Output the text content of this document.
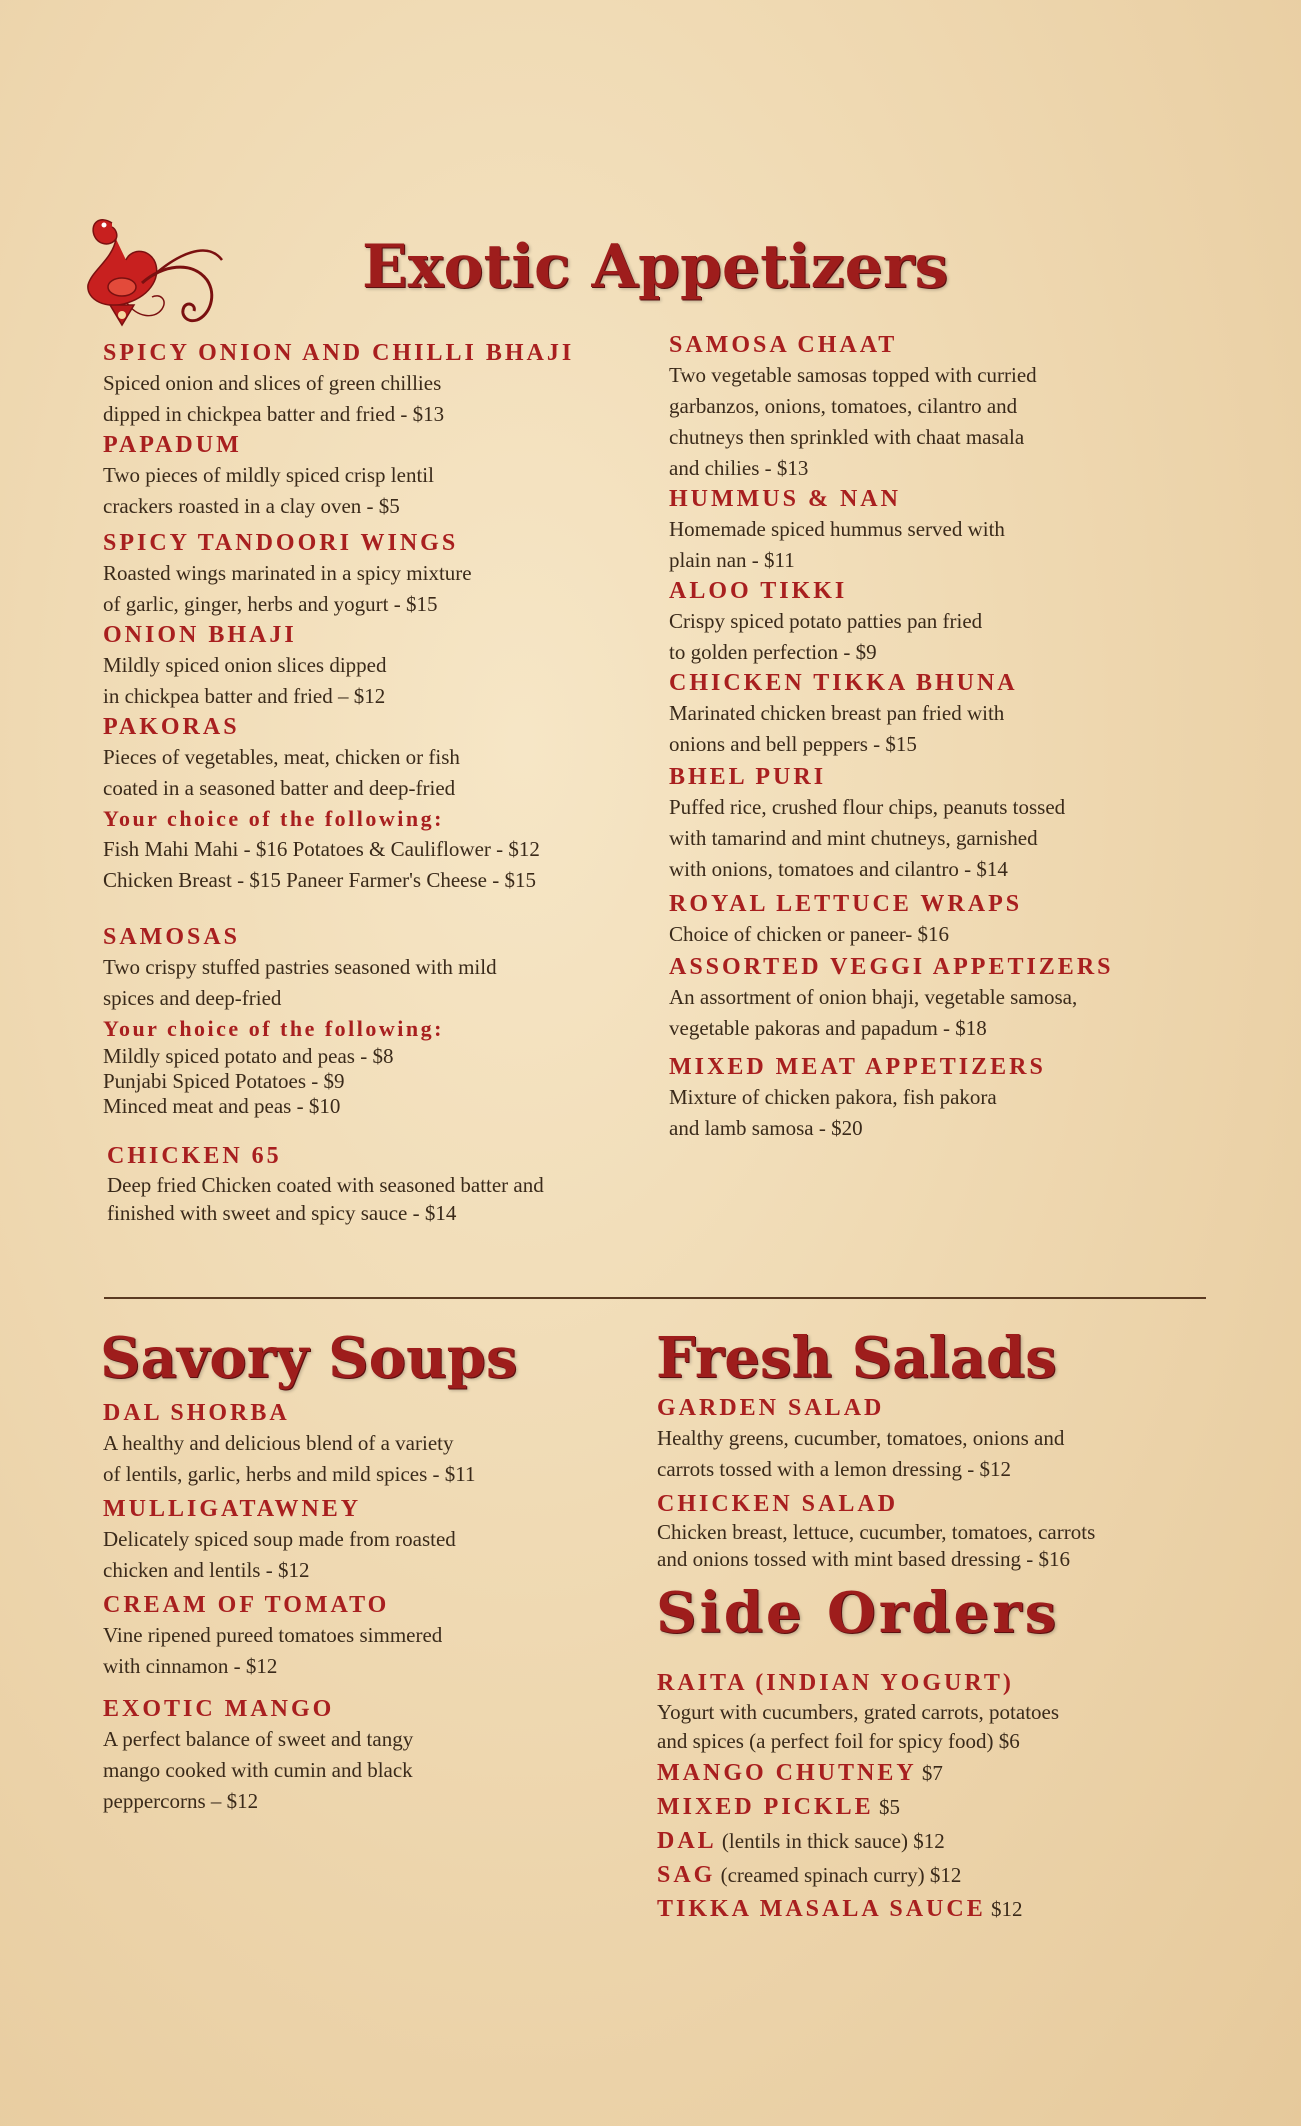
Exotic Appetizers
SPICY ONION AND CHILLI BHAJI
Spiced onion and slices of green chillies
dipped in chickpea batter and fried - $13
PAPADUM
Two pieces of mildly spiced crisp lentil
crackers roasted in a clay oven - $5
SPICY TANDOORI WINGS
Roasted wings marinated in a spicy mixture
of garlic, ginger, herbs and yogurt - $15
ONION BHAJI
Mildly spiced onion slices dipped
in chickpea batter and fried – $12
PAKORAS
Pieces of vegetables, meat, chicken or fish
coated in a seasoned batter and deep-fried
Your choice of the following:
Fish Mahi Mahi - $16 Potatoes & Cauliflower - $12
Chicken Breast - $15 Paneer Farmer's Cheese - $15
SAMOSAS
Two crispy stuffed pastries seasoned with mild
spices and deep-fried
Your choice of the following:
Mildly spiced potato and peas - $8
Punjabi Spiced Potatoes - $9
Minced meat and peas - $10
CHICKEN 65
Deep fried Chicken coated with seasoned batter and
finished with sweet and spicy sauce - $14
SAMOSA CHAAT
Two vegetable samosas topped with curried
garbanzos, onions, tomatoes, cilantro and
chutneys then sprinkled with chaat masala
and chilies - $13
HUMMUS & NAN
Homemade spiced hummus served with
plain nan - $11
ALOO TIKKI
Crispy spiced potato patties pan fried
to golden perfection - $9
CHICKEN TIKKA BHUNA
Marinated chicken breast pan fried with
onions and bell peppers - $15
BHEL PURI
Puffed rice, crushed flour chips, peanuts tossed
with tamarind and mint chutneys, garnished
with onions, tomatoes and cilantro - $14
ROYAL LETTUCE WRAPS
Choice of chicken or paneer- $16
ASSORTED VEGGI APPETIZERS
An assortment of onion bhaji, vegetable samosa,
vegetable pakoras and papadum - $18
MIXED MEAT APPETIZERS
Mixture of chicken pakora, fish pakora
and lamb samosa - $20
Savory Soups
DAL SHORBA
A healthy and delicious blend of a variety
of lentils, garlic, herbs and mild spices - $11
MULLIGATAWNEY
Delicately spiced soup made from roasted
chicken and lentils - $12
CREAM OF TOMATO
Vine ripened pureed tomatoes simmered
with cinnamon - $12
EXOTIC MANGO
A perfect balance of sweet and tangy
mango cooked with cumin and black
peppercorns – $12
Fresh Salads
GARDEN SALAD
Healthy greens, cucumber, tomatoes, onions and
carrots tossed with a lemon dressing - $12
CHICKEN SALAD
Chicken breast, lettuce, cucumber, tomatoes, carrots
and onions tossed with mint based dressing - $16
Side Orders
RAITA (INDIAN YOGURT)
Yogurt with cucumbers, grated carrots, potatoes
and spices (a perfect foil for spicy food) $6
MANGO CHUTNEY $7
MIXED PICKLE $5
DAL (lentils in thick sauce) $12
SAG (creamed spinach curry) $12
TIKKA MASALA SAUCE $12
